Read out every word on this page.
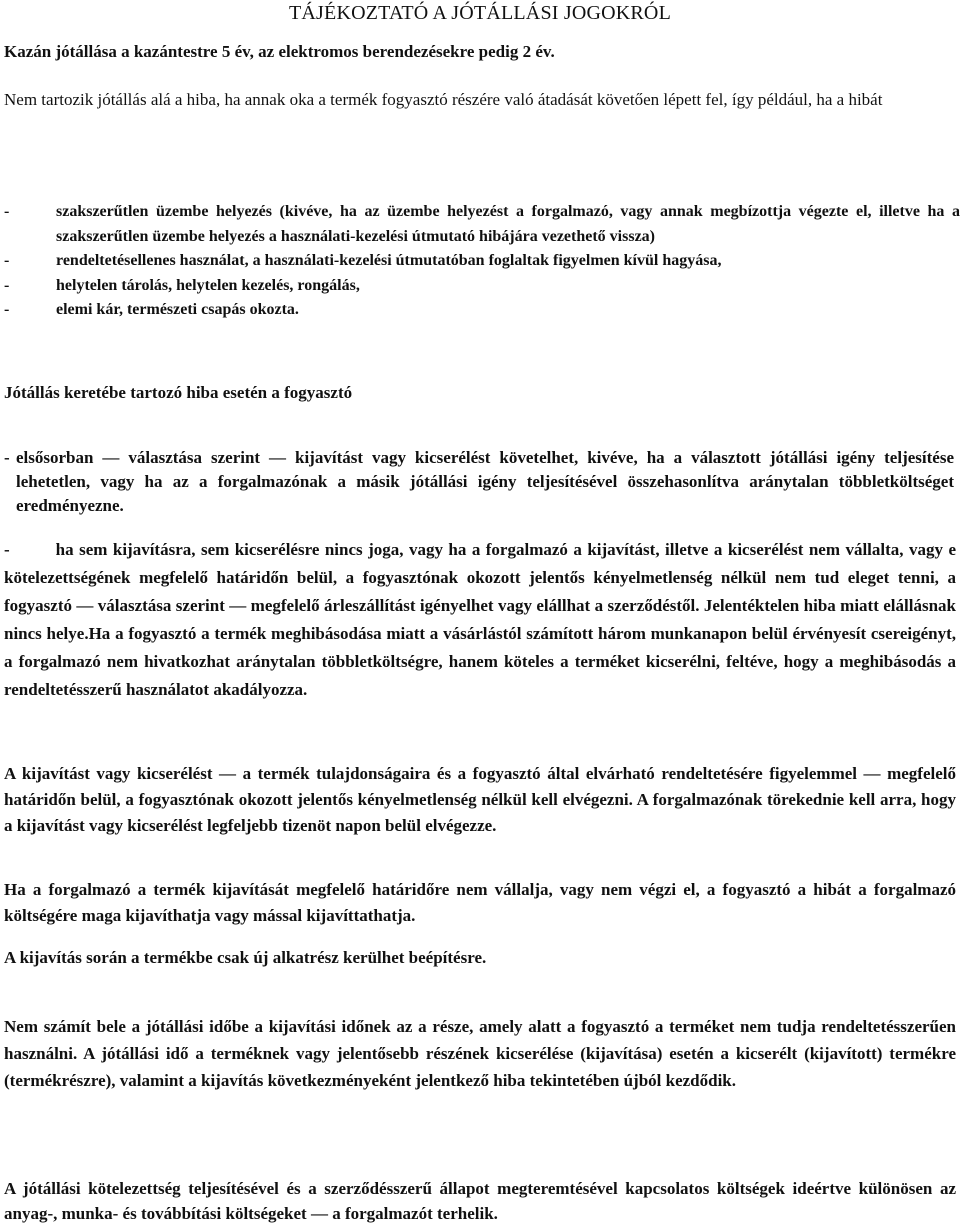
TÁJÉKOZTATÓ A JÓTÁLLÁSI JOGOKRÓL
Kazán jótállása a kazántestre 5 év, az elektromos berendezésekre pedig 2 év.

Nem tartozik jótállás alá a hiba, ha annak oka a termék fogyasztó részére való átadását követően lépett fel, így például, ha a hibát

-	szakszerűtlen üzembe helyezés (kivéve, ha az üzembe helyezést a forgalmazó, vagy annak megbízottja végezte el, illetve ha a szakszerűtlen üzembe helyezés a használati-kezelési útmutató hibájára vezethető vissza)
-	rendeltetésellenes használat, a használati-kezelési útmutatóban foglaltak figyelmen kívül hagyása,
-	helytelen tárolás, helytelen kezelés, rongálás,
-	elemi kár, természeti csapás okozta.
Jótállás keretébe tartozó hiba esetén a fogyasztó
- elsősorban — választása szerint — kijavítást vagy kicserélést követelhet, kivéve, ha a választott jótállási igény teljesítése lehetetlen, vagy ha az a forgalmazónak a másik jótállási igény teljesítésével összehasonlítva aránytalan többletköltséget eredményezne.

-	ha sem kijavításra, sem kicserélésre nincs joga, vagy ha a forgalmazó a kijavítást, illetve a kicserélést nem vállalta, vagy e kötelezettségének megfelelő határidőn belül, a fogyasztónak okozott jelentős kényelmetlenség nélkül nem tud eleget tenni, a fogyasztó — választása szerint — megfelelő árleszállítást igényelhet vagy elállhat a szerződéstől. Jelentéktelen hiba miatt elállásnak nincs helye.Ha a fogyasztó a termék meghibásodása miatt a vásárlástól számított három munkanapon belül érvényesít csereigényt, a forgalmazó nem hivatkozhat aránytalan többletköltségre, hanem köteles a terméket kicserélni, feltéve, hogy a meghibásodás a rendeltetésszerű használatot akadályozza.

A kijavítást vagy kicserélést — a termék tulajdonságaira és a fogyasztó által elvárható rendeltetésére figyelemmel — megfelelő határidőn belül, a fogyasztónak okozott jelentős kényelmetlenség nélkül kell elvégezni. A forgalmazónak törekednie kell arra, hogy a kijavítást vagy kicserélést legfeljebb tizenöt napon belül elvégezze.

Ha a forgalmazó a termék kijavítását megfelelő határidőre nem vállalja, vagy nem végzi el, a fogyasztó a hibát a forgalmazó költségére maga kijavíthatja vagy mással kijavíttathatja.

A kijavítás során a termékbe csak új alkatrész kerülhet beépítésre.

Nem számít bele a jótállási időbe a kijavítási időnek az a része, amely alatt a fogyasztó a terméket nem tudja rendeltetésszerűen használni. A jótállási idő a terméknek vagy jelentősebb részének kicserélése (kijavítása) esetén a kicserélt (kijavított) termékre (termékrészre), valamint a kijavítás következményeként jelentkező hiba tekintetében újból kezdődik.

A jótállási kötelezettség teljesítésével és a szerződésszerű állapot megteremtésével kapcsolatos költségek ideértve különösen az anyag-, munka- és továbbítási költségeket — a forgalmazót terhelik.
